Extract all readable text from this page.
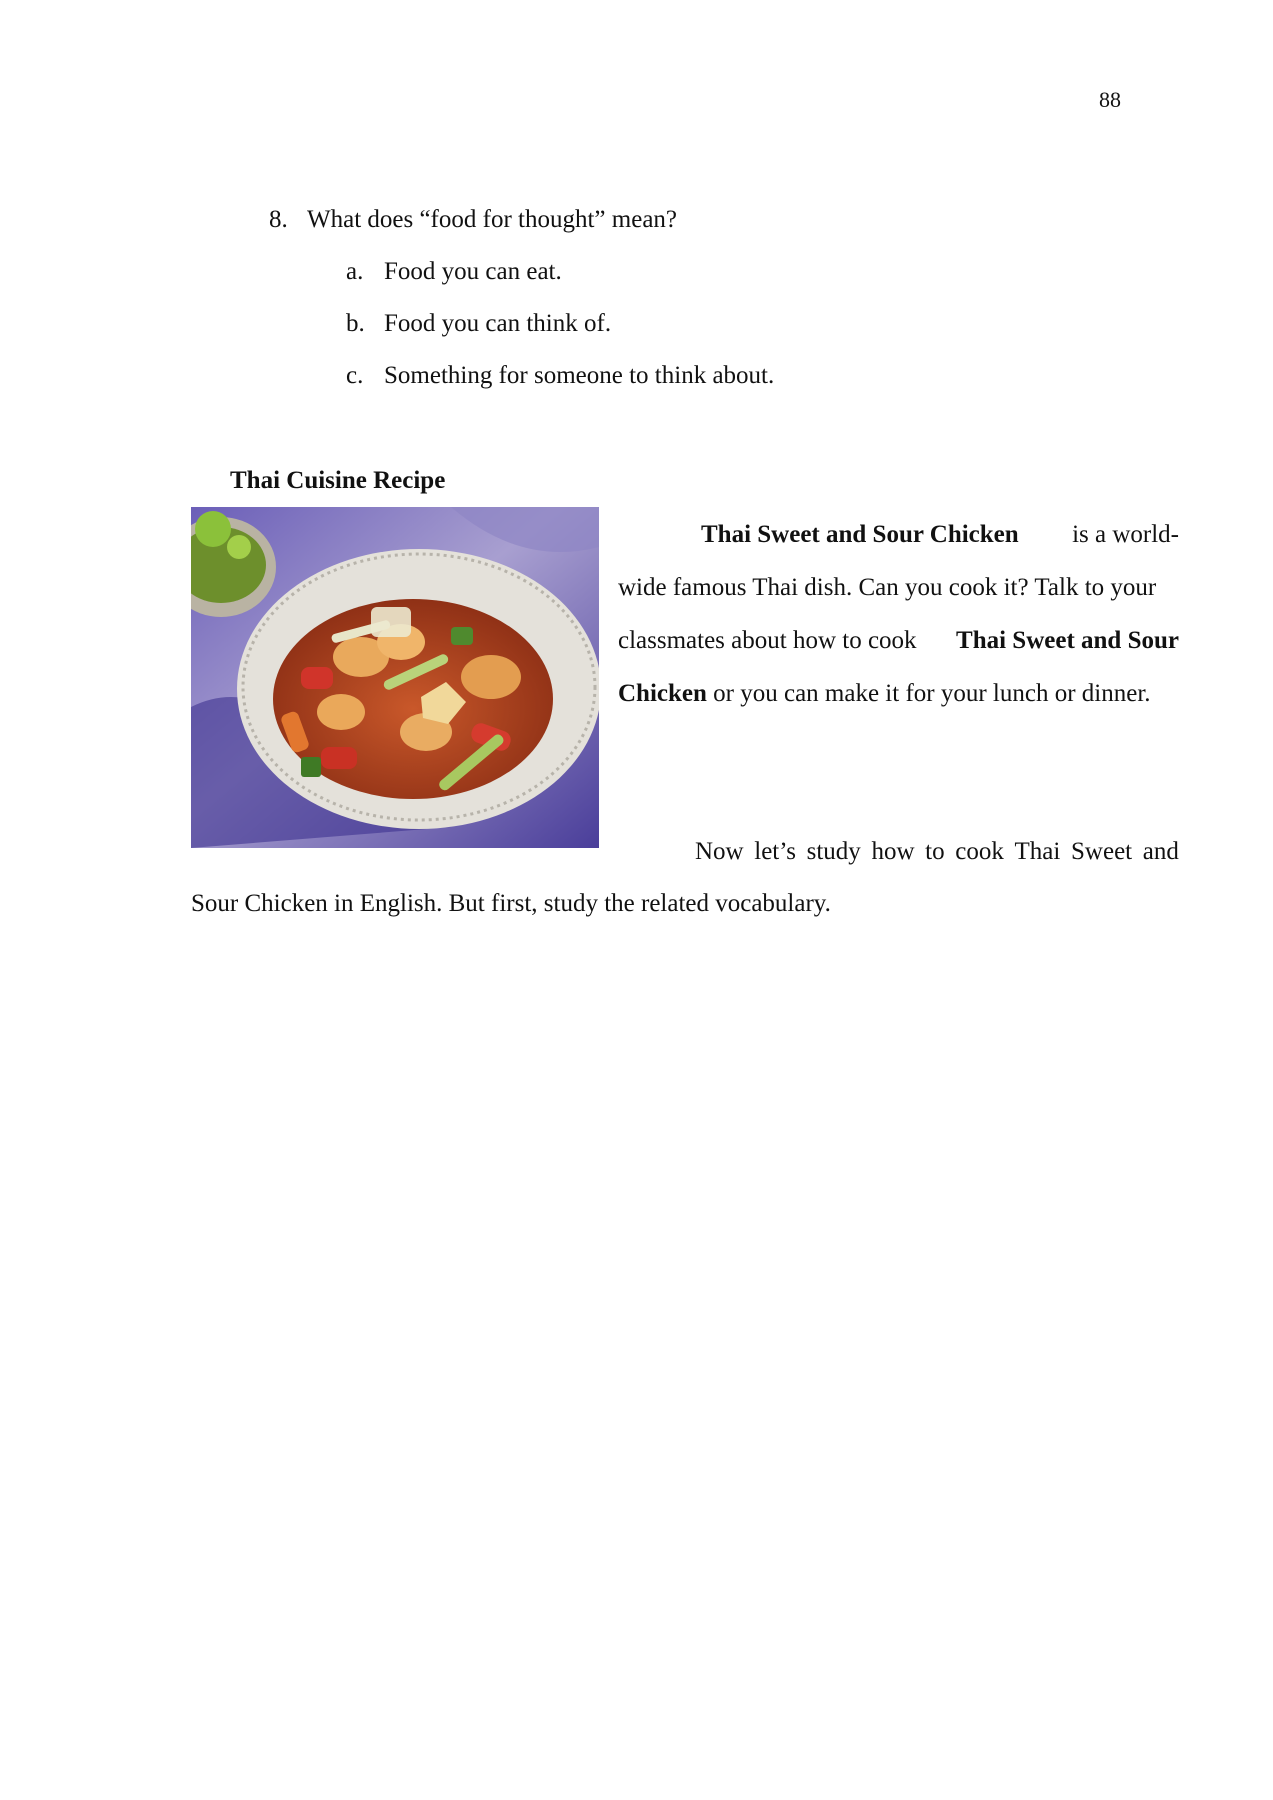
88
8. What does “food for thought” mean?
a. Food you can eat.
b. Food you can think of.
c. Something for someone to think about.
Thai Cuisine Recipe
Thai Sweet and Sour Chicken is a world-
wide famous Thai dish. Can you cook it? Talk to your
classmates about how to cook Thai Sweet and Sour
Chicken or you can make it for your lunch or dinner.
Now let’s study how to cook Thai Sweet and
Sour Chicken in English. But first, study the related vocabulary.
